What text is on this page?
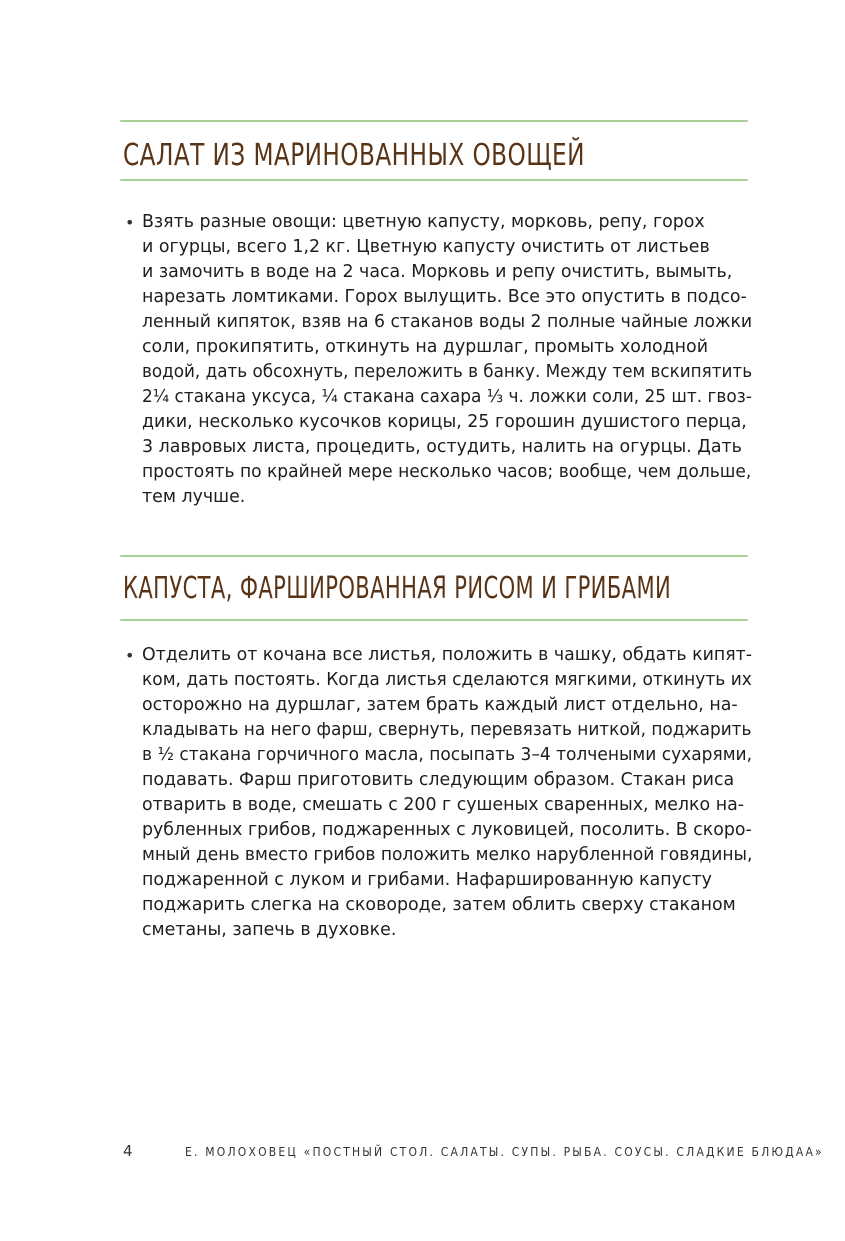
САЛАТ ИЗ МАРИНОВАННЫХ ОВОЩЕЙ
• Взять разные овощи: цветную капусту, морковь, репу, горох
и огурцы, всего 1,2 кг. Цветную капусту очистить от листьев
и замочить в воде на 2 часа. Морковь и репу очистить, вымыть,
нарезать ломтиками. Горох вылущить. Все это опустить в подсо-
ленный кипяток, взяв на 6 стаканов воды 2 полные чайные ложки
соли, прокипятить, откинуть на дуршлаг, промыть холодной
водой, дать обсохнуть, переложить в банку. Между тем вскипятить
2¼ стакана уксуса, ¼ стакана сахара ⅓ ч. ложки соли, 25 шт. гвоз-
дики, несколько кусочков корицы, 25 горошин душистого перца,
3 лавровых листа, процедить, остудить, налить на огурцы. Дать
простоять по крайней мере несколько часов; вообще, чем дольше,
тем лучше.
КАПУСТА, ФАРШИРОВАННАЯ РИСОМ И ГРИБАМИ
• Отделить от кочана все листья, положить в чашку, обдать кипят-
ком, дать постоять. Когда листья сделаются мягкими, откинуть их
осторожно на дуршлаг, затем брать каждый лист отдельно, на-
кладывать на него фарш, свернуть, перевязать ниткой, поджарить
в ½ стакана горчичного масла, посыпать 3–4 толчеными сухарями,
подавать. Фарш приготовить следующим образом. Стакан риса
отварить в воде, смешать с 200 г сушеных сваренных, мелко на-
рубленных грибов, поджаренных с луковицей, посолить. В скоро-
мный день вместо грибов положить мелко нарубленной говядины,
поджаренной с луком и грибами. Нафаршированную капусту
поджарить слегка на сковороде, затем облить сверху стаканом
сметаны, запечь в духовке.
4	Е. МОЛОХОВЕЦ «ПОСТНЫЙ СТОЛ. САЛАТЫ. СУПЫ. РЫБА. СОУСЫ. СЛАДКИЕ БЛЮДАА»
